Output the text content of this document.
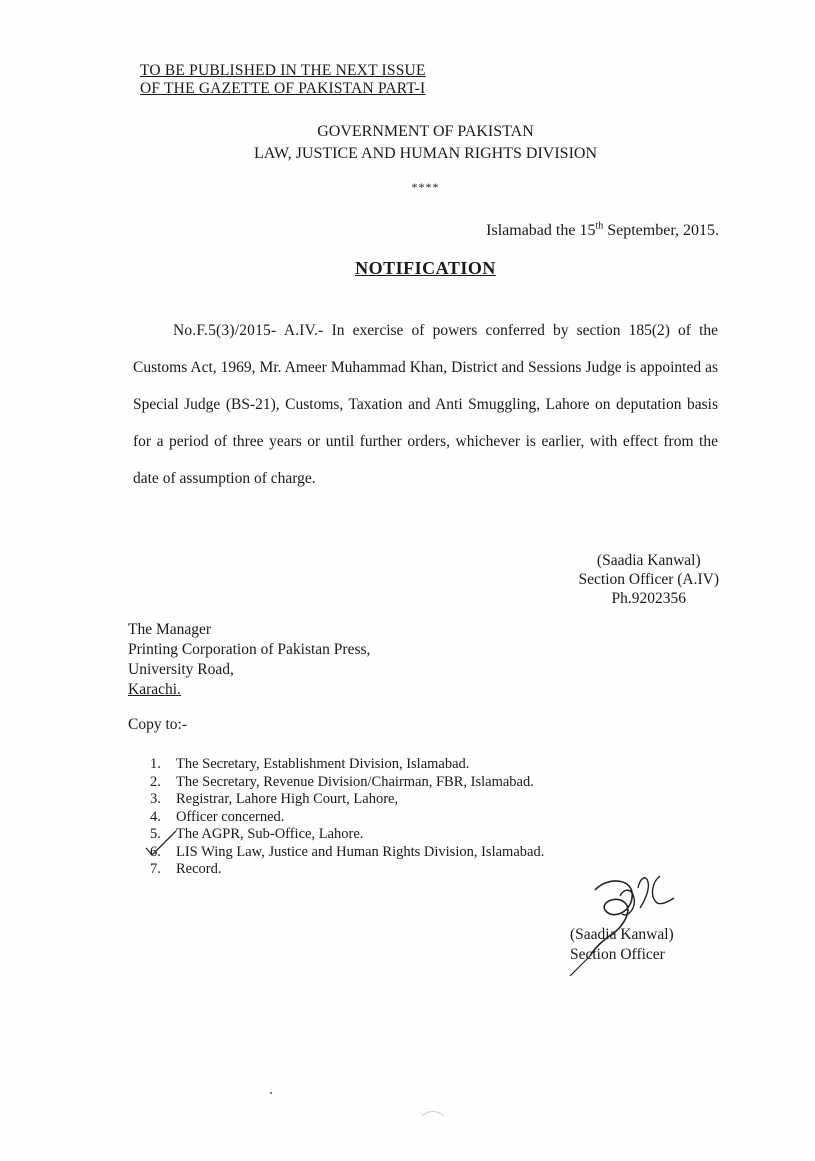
TO BE PUBLISHED IN THE NEXT ISSUE
OF THE GAZETTE OF PAKISTAN PART-I
GOVERNMENT OF PAKISTAN
LAW, JUSTICE AND HUMAN RIGHTS DIVISION
****
Islamabad the 15th September, 2015.
NOTIFICATION
No.F.5(3)/2015- A.IV.- In exercise of powers conferred by section 185(2) of the Customs Act, 1969, Mr. Ameer Muhammad Khan, District and Sessions Judge is appointed as Special Judge (BS-21), Customs, Taxation and Anti Smuggling, Lahore on deputation basis for a period of three years or until further orders, whichever is earlier, with effect from the date of assumption of charge.
(Saadia Kanwal)
Section Officer (A.IV)
Ph.9202356
The Manager
Printing Corporation of Pakistan Press,
University Road,
Karachi.
Copy to:-
1. The Secretary, Establishment Division, Islamabad.
2. The Secretary, Revenue Division/Chairman, FBR, Islamabad.
3. Registrar, Lahore High Court, Lahore,
4. Officer concerned.
5. The AGPR, Sub-Office, Lahore.
6. LIS Wing Law, Justice and Human Rights Division, Islamabad.
7. Record.
(Saadia Kanwal)
Section Officer
